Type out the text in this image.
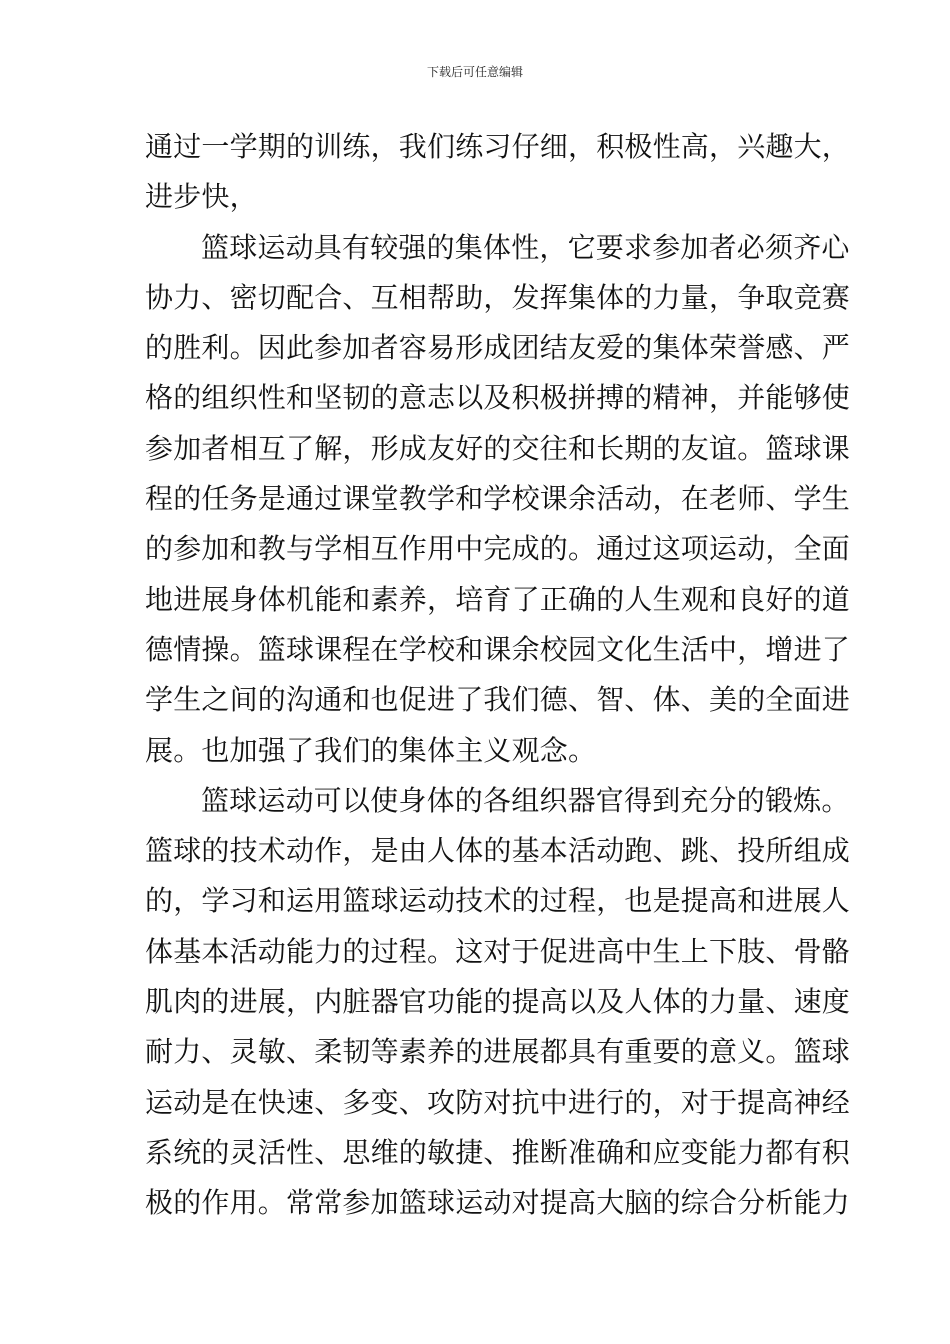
下载后可任意编辑
通过一学期的训练，我们练习仔细，积极性高，兴趣大，
进步快，
篮球运动具有较强的集体性，它要求参加者必须齐心
协力、密切配合、互相帮助，发挥集体的力量，争取竞赛
的胜利。因此参加者容易形成团结友爱的集体荣誉感、严
格的组织性和坚韧的意志以及积极拼搏的精神，并能够使
参加者相互了解，形成友好的交往和长期的友谊。篮球课
程的任务是通过课堂教学和学校课余活动，在老师、学生
的参加和教与学相互作用中完成的。通过这项运动，全面
地进展身体机能和素养，培育了正确的人生观和良好的道
德情操。篮球课程在学校和课余校园文化生活中，增进了
学生之间的沟通和也促进了我们德、智、体、美的全面进
展。也加强了我们的集体主义观念。
篮球运动可以使身体的各组织器官得到充分的锻炼。
篮球的技术动作，是由人体的基本活动跑、跳、投所组成
的，学习和运用篮球运动技术的过程，也是提高和进展人
体基本活动能力的过程。这对于促进高中生上下肢、骨骼
肌肉的进展，内脏器官功能的提高以及人体的力量、速度
耐力、灵敏、柔韧等素养的进展都具有重要的意义。篮球
运动是在快速、多变、攻防对抗中进行的，对于提高神经
系统的灵活性、思维的敏捷、推断准确和应变能力都有积
极的作用。常常参加篮球运动对提高大脑的综合分析能力
